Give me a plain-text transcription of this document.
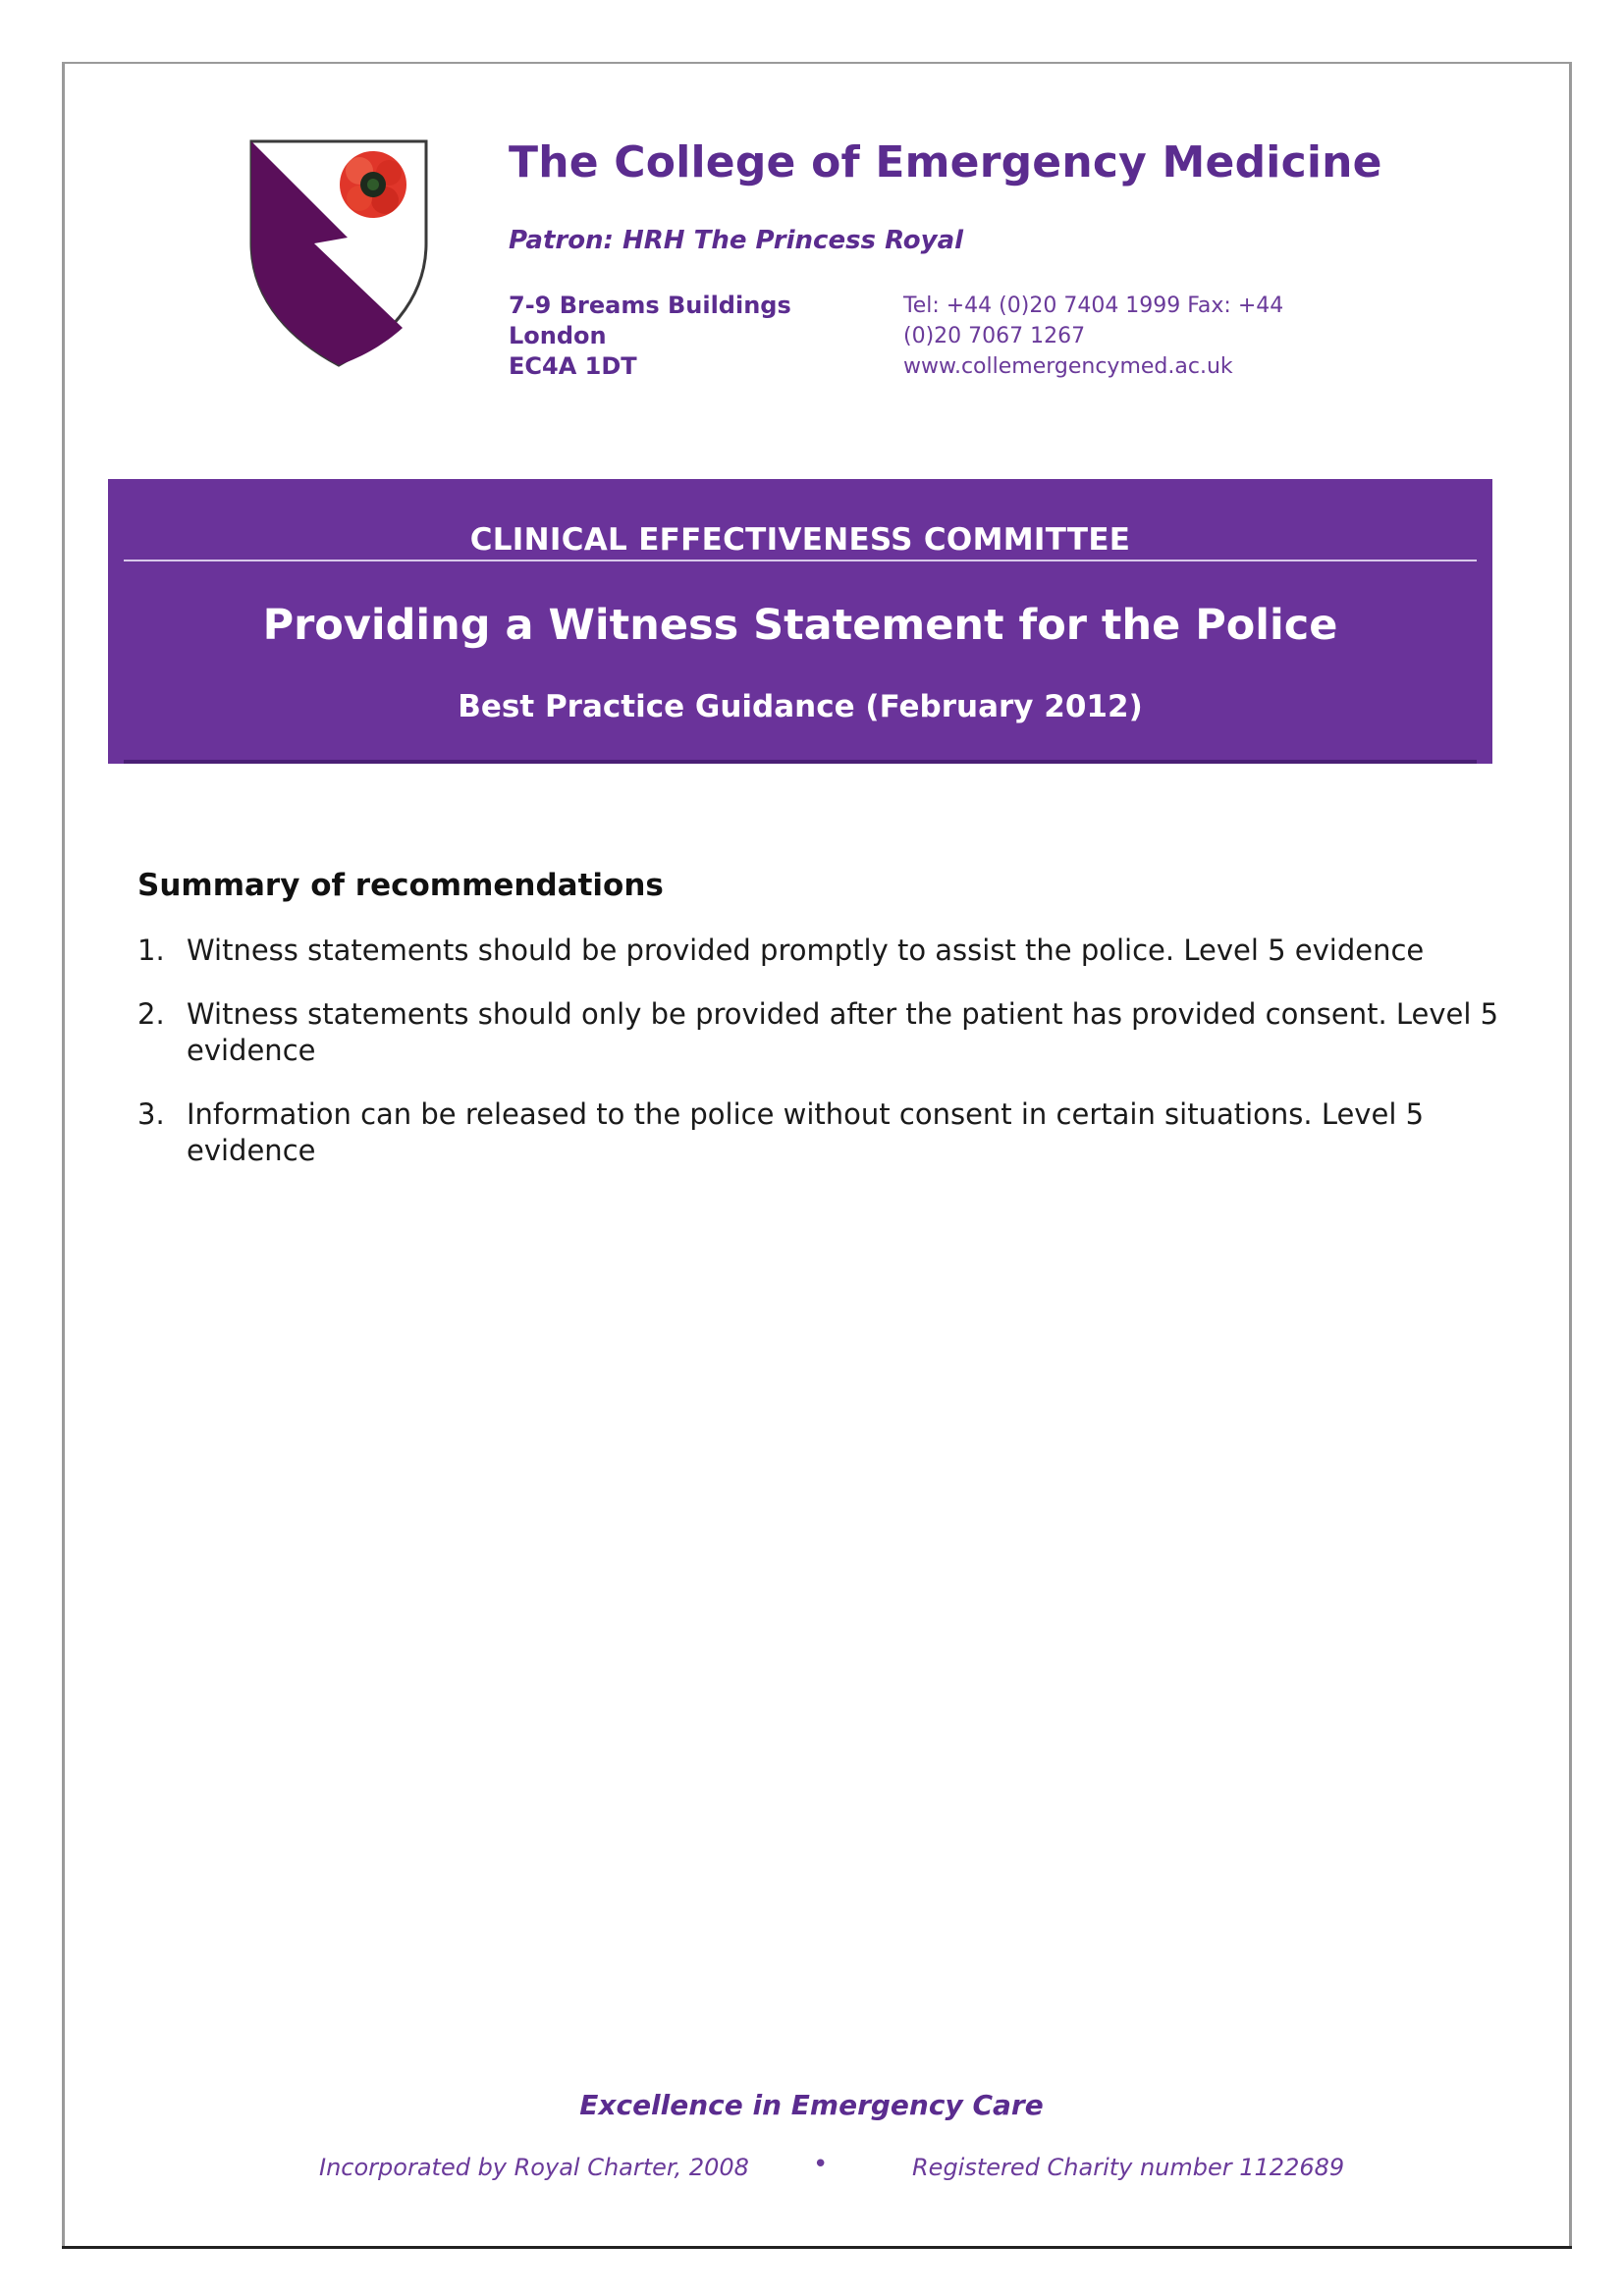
The College of Emergency Medicine
Patron: HRH The Princess Royal
7-9 Breams Buildings
London
EC4A 1DT
Tel: +44 (0)20 7404 1999 Fax: +44
(0)20 7067 1267
www.collemergencymed.ac.uk
CLINICAL EFFECTIVENESS COMMITTEE
Providing a Witness Statement for the Police
Best Practice Guidance (February 2012)
Summary of recommendations
1. Witness statements should be provided promptly to assist the police. Level 5 evidence
2. Witness statements should only be provided after the patient has provided consent. Level 5 evidence
3. Information can be released to the police without consent in certain situations. Level 5 evidence
Excellence in Emergency Care
Incorporated by Royal Charter, 2008	•	Registered Charity number 1122689
